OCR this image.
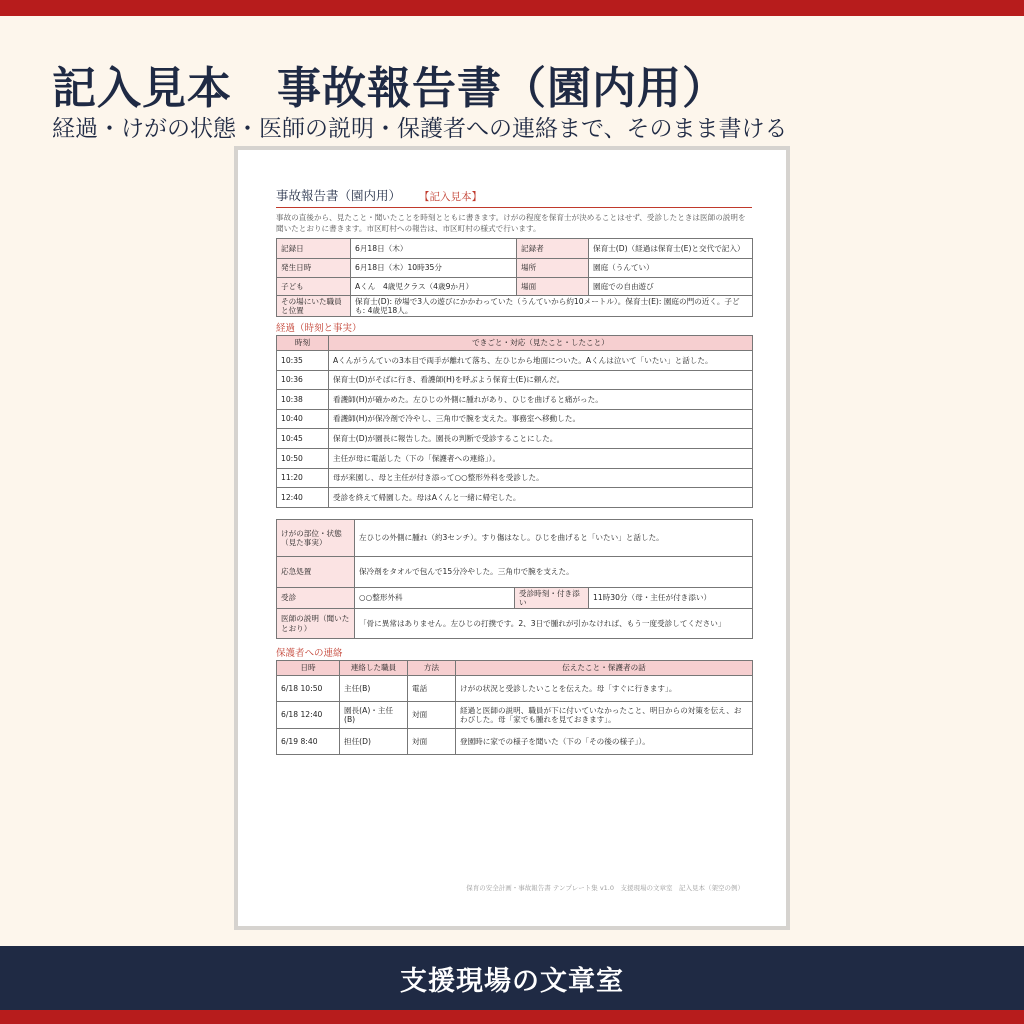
記入見本　事故報告書（園内用）
経過・けがの状態・医師の説明・保護者への連絡まで、そのまま書ける
事故報告書（園内用） 【記入見本】

事故の直後から、見たこと・聞いたことを時刻とともに書きます。けがの程度を保育士が決めることはせず、受診したときは医師の説明を聞いたとおりに書きます。市区町村への報告は、市区町村の様式で行います。

記録日	6月18日（木）	記録者	保育士(D)（経過は保育士(E)と交代で記入）
発生日時	6月18日（木）10時35分	場所	園庭（うんてい）
子ども	Aくん　4歳児クラス（4歳9か月）	場面	園庭での自由遊び
その場にいた職員と位置	保育士(D): 砂場で3人の遊びにかかわっていた（うんていから約10メートル）。保育士(E): 園庭の門の近く。子ども: 4歳児18人。		
経過（時刻と事実）
時刻	できごと・対応（見たこと・したこと）
10:35	Aくんがうんていの3本目で両手が離れて落ち、左ひじから地面についた。Aくんは泣いて「いたい」と話した。
10:36	保育士(D)がそばに行き、看護師(H)を呼ぶよう保育士(E)に頼んだ。
10:38	看護師(H)が確かめた。左ひじの外側に腫れがあり、ひじを曲げると痛がった。
10:40	看護師(H)が保冷剤で冷やし、三角巾で腕を支えた。事務室へ移動した。
10:45	保育士(D)が園長に報告した。園長の判断で受診することにした。
10:50	主任が母に電話した（下の「保護者への連絡」）。
11:20	母が来園し、母と主任が付き添って○○整形外科を受診した。
12:40	受診を終えて帰園した。母はAくんと一緒に帰宅した。
けがの部位・状態（見た事実）	左ひじの外側に腫れ（約3センチ）。すり傷はなし。ひじを曲げると「いたい」と話した。		
応急処置	保冷剤をタオルで包んで15分冷やした。三角巾で腕を支えた。		
受診	○○整形外科	受診時刻・付き添い	11時30分（母・主任が付き添い）
医師の説明（聞いたとおり）	「骨に異常はありません。左ひじの打撲です。2、3日で腫れが引かなければ、もう一度受診してください」		
保護者への連絡
日時	連絡した職員	方法	伝えたこと・保護者の話
6/18 10:50	主任(B)	電話	けがの状況と受診したいことを伝えた。母「すぐに行きます」。
6/18 12:40	園長(A)・主任(B)	対面	経過と医師の説明、職員が下に付いていなかったこと、明日からの対策を伝え、おわびした。母「家でも腫れを見ておきます」。
6/19 8:40	担任(D)	対面	登園時に家での様子を聞いた（下の「その後の様子」）。
保育の安全計画・事故報告書 テンプレート集 v1.0　支援現場の文章室　記入見本（架空の例）
支援現場の文章室
